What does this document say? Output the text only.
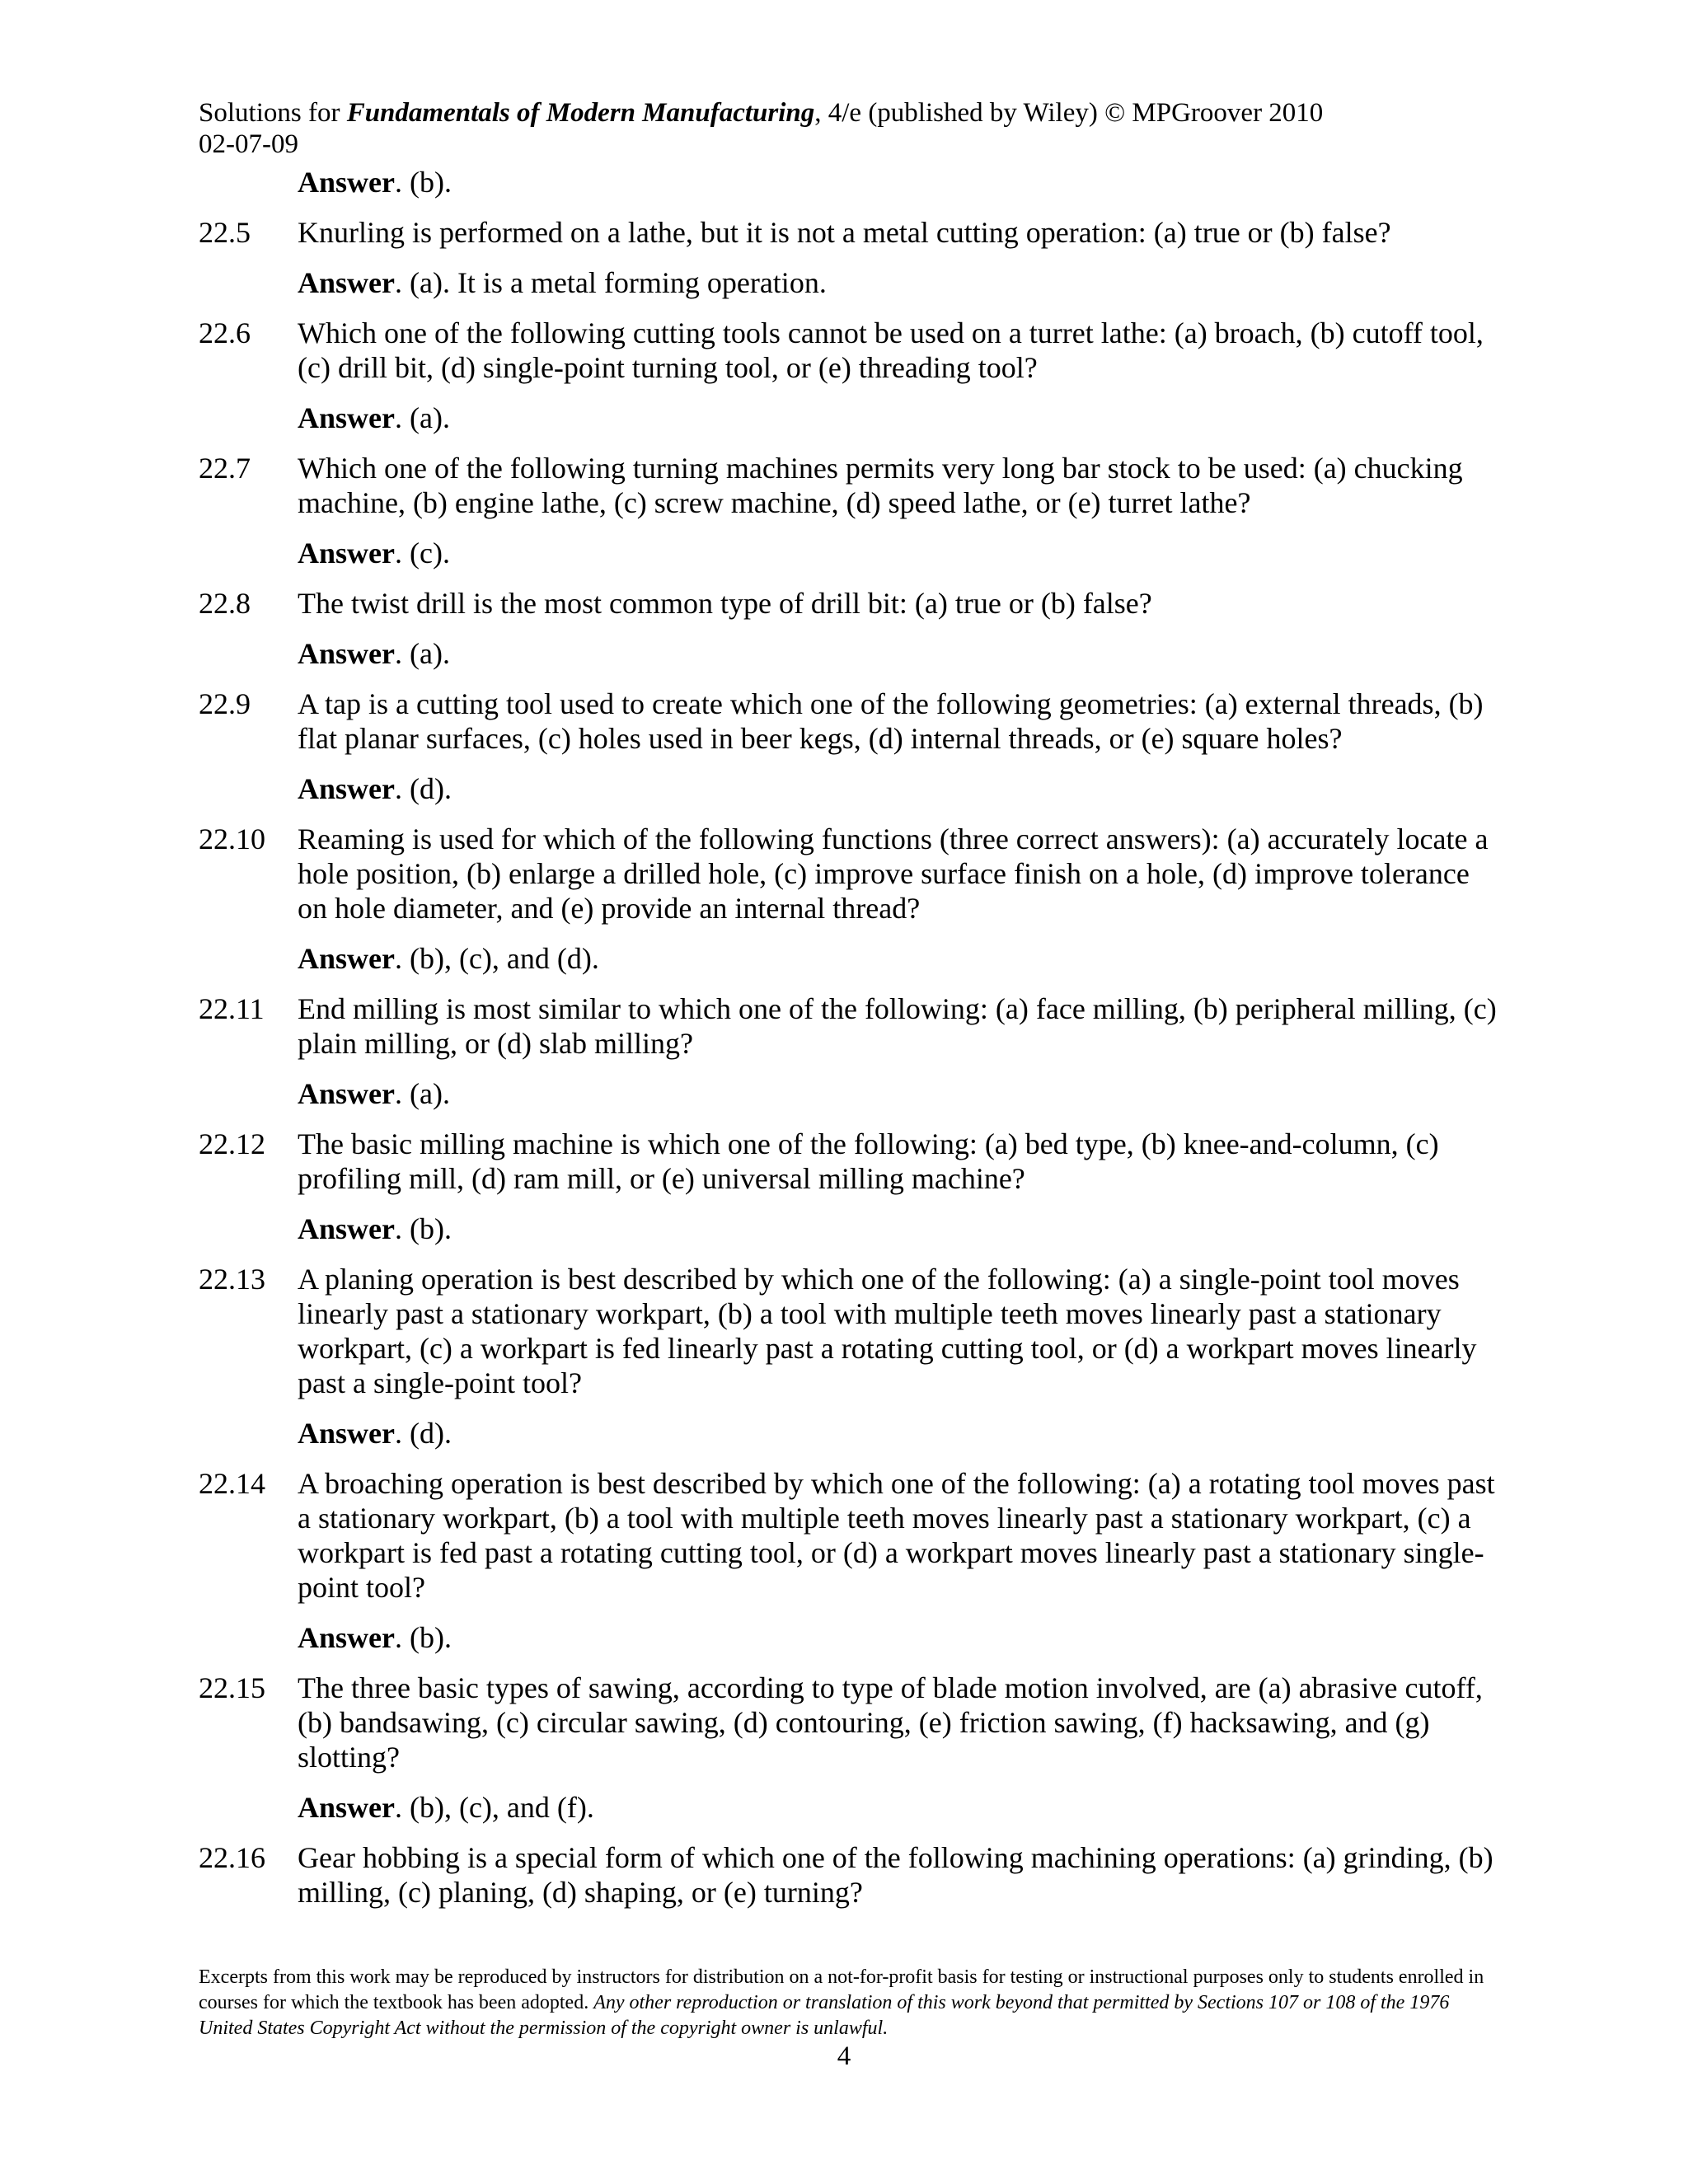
Solutions for Fundamentals of Modern Manufacturing, 4/e (published by Wiley) © MPGroover 2010
02-07-09
Answer. (b).
22.5 Knurling is performed on a lathe, but it is not a metal cutting operation: (a) true or (b) false?
Answer. (a). It is a metal forming operation.
22.6 Which one of the following cutting tools cannot be used on a turret lathe: (a) broach, (b) cutoff tool, (c) drill bit, (d) single-point turning tool, or (e) threading tool?
Answer. (a).
22.7 Which one of the following turning machines permits very long bar stock to be used: (a) chucking machine, (b) engine lathe, (c) screw machine, (d) speed lathe, or (e) turret lathe?
Answer. (c).
22.8 The twist drill is the most common type of drill bit: (a) true or (b) false?
Answer. (a).
22.9 A tap is a cutting tool used to create which one of the following geometries: (a) external threads, (b) flat planar surfaces, (c) holes used in beer kegs, (d) internal threads, or (e) square holes?
Answer. (d).
22.10 Reaming is used for which of the following functions (three correct answers): (a) accurately locate a hole position, (b) enlarge a drilled hole, (c) improve surface finish on a hole, (d) improve tolerance on hole diameter, and (e) provide an internal thread?
Answer. (b), (c), and (d).
22.11 End milling is most similar to which one of the following: (a) face milling, (b) peripheral milling, (c) plain milling, or (d) slab milling?
Answer. (a).
22.12 The basic milling machine is which one of the following: (a) bed type, (b) knee-and-column, (c) profiling mill, (d) ram mill, or (e) universal milling machine?
Answer. (b).
22.13 A planing operation is best described by which one of the following: (a) a single-point tool moves linearly past a stationary workpart, (b) a tool with multiple teeth moves linearly past a stationary workpart, (c) a workpart is fed linearly past a rotating cutting tool, or (d) a workpart moves linearly past a single-point tool?
Answer. (d).
22.14 A broaching operation is best described by which one of the following: (a) a rotating tool moves past a stationary workpart, (b) a tool with multiple teeth moves linearly past a stationary workpart, (c) a workpart is fed past a rotating cutting tool, or (d) a workpart moves linearly past a stationary single-point tool?
Answer. (b).
22.15 The three basic types of sawing, according to type of blade motion involved, are (a) abrasive cutoff, (b) bandsawing, (c) circular sawing, (d) contouring, (e) friction sawing, (f) hacksawing, and (g) slotting?
Answer. (b), (c), and (f).
22.16 Gear hobbing is a special form of which one of the following machining operations: (a) grinding, (b) milling, (c) planing, (d) shaping, or (e) turning?
Excerpts from this work may be reproduced by instructors for distribution on a not-for-profit basis for testing or instructional purposes only to students enrolled in courses for which the textbook has been adopted. Any other reproduction or translation of this work beyond that permitted by Sections 107 or 108 of the 1976 United States Copyright Act without the permission of the copyright owner is unlawful.
4
